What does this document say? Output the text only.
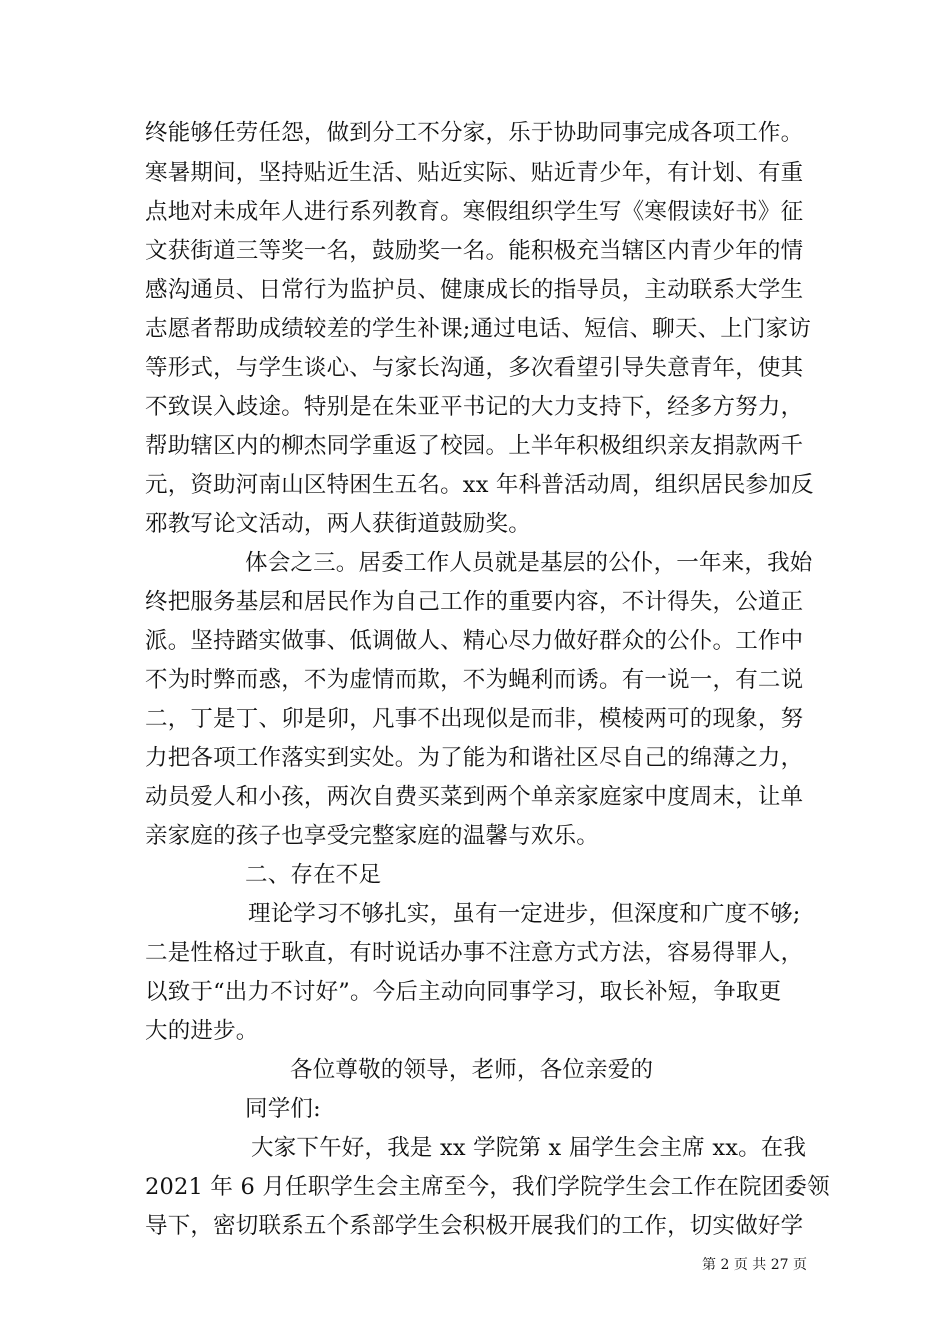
终能够任劳任怨，做到分工不分家，乐于协助同事完成各项工作。
寒暑期间，坚持贴近生活、贴近实际、贴近青少年，有计划、有重
点地对未成年人进行系列教育。寒假组织学生写《寒假读好书》征
文获街道三等奖一名，鼓励奖一名。能积极充当辖区内青少年的情
感沟通员、日常行为监护员、健康成长的指导员，主动联系大学生
志愿者帮助成绩较差的学生补课;通过电话、短信、聊天、上门家访
等形式，与学生谈心、与家长沟通，多次看望引导失意青年，使其
不致误入歧途。特别是在朱亚平书记的大力支持下，经多方努力，
帮助辖区内的柳杰同学重返了校园。上半年积极组织亲友捐款两千
元，资助河南山区特困生五名。xx 年科普活动周，组织居民参加反
邪教写论文活动，两人获街道鼓励奖。
体会之三。居委工作人员就是基层的公仆，一年来，我始
终把服务基层和居民作为自己工作的重要内容，不计得失，公道正
派。坚持踏实做事、低调做人、精心尽力做好群众的公仆。工作中
不为时弊而惑，不为虚情而欺，不为蝇利而诱。有一说一，有二说
二，丁是丁、卯是卯，凡事不出现似是而非，模棱两可的现象，努
力把各项工作落实到实处。为了能为和谐社区尽自己的绵薄之力，
动员爱人和小孩，两次自费买菜到两个单亲家庭家中度周末，让单
亲家庭的孩子也享受完整家庭的温馨与欢乐。
二、存在不足
理论学习不够扎实，虽有一定进步，但深度和广度不够;
二是性格过于耿直，有时说话办事不注意方式方法，容易得罪人，
以致于“出力不讨好”。今后主动向同事学习，取长补短，争取更
大的进步。
各位尊敬的领导，老师，各位亲爱的
同学们:
大家下午好，我是 xx 学院第 x 届学生会主席 xx。在我
2021 年 6 月任职学生会主席至今，我们学院学生会工作在院团委领
导下，密切联系五个系部学生会积极开展我们的工作，切实做好学
第 2 页 共 27 页
